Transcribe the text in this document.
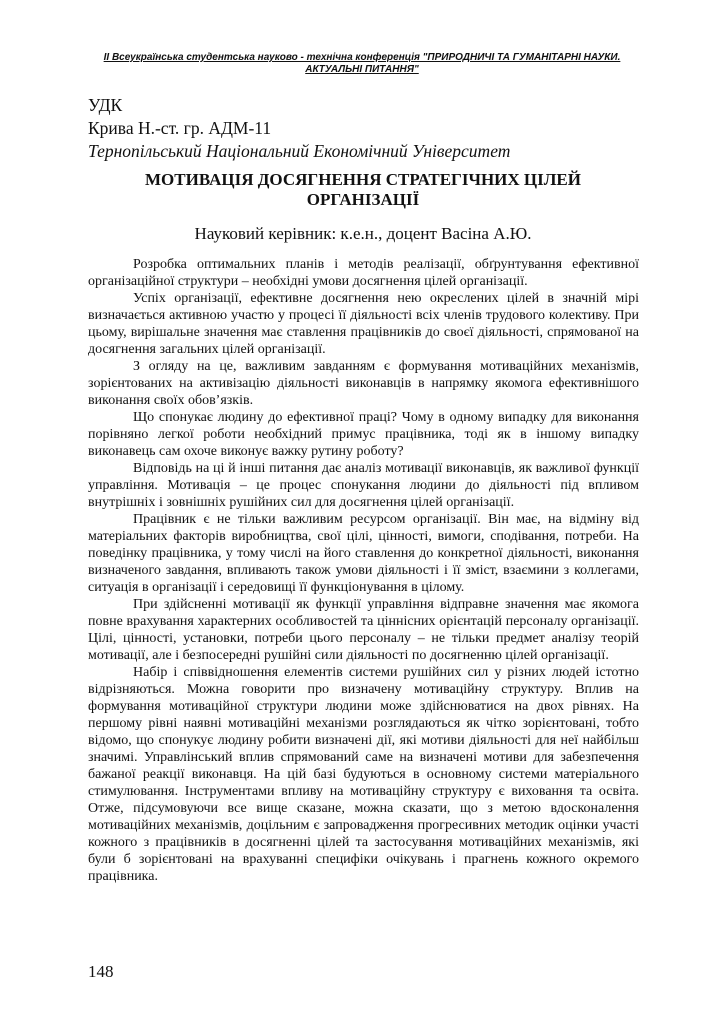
ІІ Всеукраїнська студентська науково - технічна конференція "ПРИРОДНИЧІ ТА ГУМАНІТАРНІ НАУКИ. АКТУАЛЬНІ ПИТАННЯ"
УДК
Крива Н.-ст. гр. АДМ-11
Тернопільський Національний Економічний Університет
МОТИВАЦІЯ ДОСЯГНЕННЯ СТРАТЕГІЧНИХ ЦІЛЕЙ ОРГАНІЗАЦІЇ
Науковий керівник: к.е.н., доцент Васіна А.Ю.

Розробка оптимальних планів і методів реалізації, обґрунтування ефективної організаційної структури – необхідні умови досягнення цілей організації.

Успіх організації, ефективне досягнення нею окреслених цілей в значній мірі визначається активною участю у процесі її діяльності всіх членів трудового колективу. При цьому, вирішальне значення має ставлення працівників до своєї діяльності, спрямованої на досягнення загальних цілей організації.

З огляду на це, важливим завданням є формування мотиваційних механізмів, зорієнтованих на активізацію діяльності виконавців в напрямку якомога ефективнішого виконання своїх обов’язків.

Що спонукає людину до ефективної праці? Чому в одному випадку для виконання порівняно легкої роботи необхідний примус працівника, тоді як в іншому випадку виконавець сам охоче виконує важку рутину роботу?

Відповідь на ці й інші питання дає аналіз мотивації виконавців, як важливої функції управління. Мотивація – це процес спонукання людини до діяльності під впливом внутрішніх і зовнішніх рушійних сил для досягнення цілей організації.

Працівник є не тільки важливим ресурсом організації. Він має, на відміну від матеріальних факторів виробництва, свої цілі, цінності, вимоги, сподівання, потреби. На поведінку працівника, у тому числі на його ставлення до конкретної діяльності, виконання визначеного завдання, впливають також умови діяльності і її зміст, взаємини з коллегами, ситуація в організації і середовищі її функціонування в цілому.

При здійсненні мотивації як функції управління відправне значення має якомога повне врахування характерних особливостей та ціннісних орієнтацій персоналу організації. Цілі, цінності, установки, потреби цього персоналу – не тільки предмет аналізу теорій мотивації, але і безпосередні рушійні сили діяльності по досягненню цілей організації.

Набір і співвідношення елементів системи рушійних сил у різних людей істотно відрізняються. Можна говорити про визначену мотиваційну структуру. Вплив на формування мотиваційної структури людини може здійснюватися на двох рівнях. На першому рівні наявні мотиваційні механізми розглядаються як чітко зорієнтовані, тобто відомо, що спонукує людину робити визначені дії, які мотиви діяльності для неї найбільш значимі. Управлінський вплив спрямований саме на визначені мотиви для забезпечення бажаної реакції виконавця. На цій базі будуються в основному системи матеріального стимулювання. Інструментами впливу на мотиваційну структуру є виховання та освіта. Отже, підсумовуючи все вище сказане, можна сказати, що з метою вдосконалення мотиваційних механізмів, доцільним є запровадження прогресивних методик оцінки участі кожного з працівників в досягненні цілей та застосування мотиваційних механізмів, які були б зорієнтовані на врахуванні специфіки очікувань і прагнень кожного окремого працівника.

148
